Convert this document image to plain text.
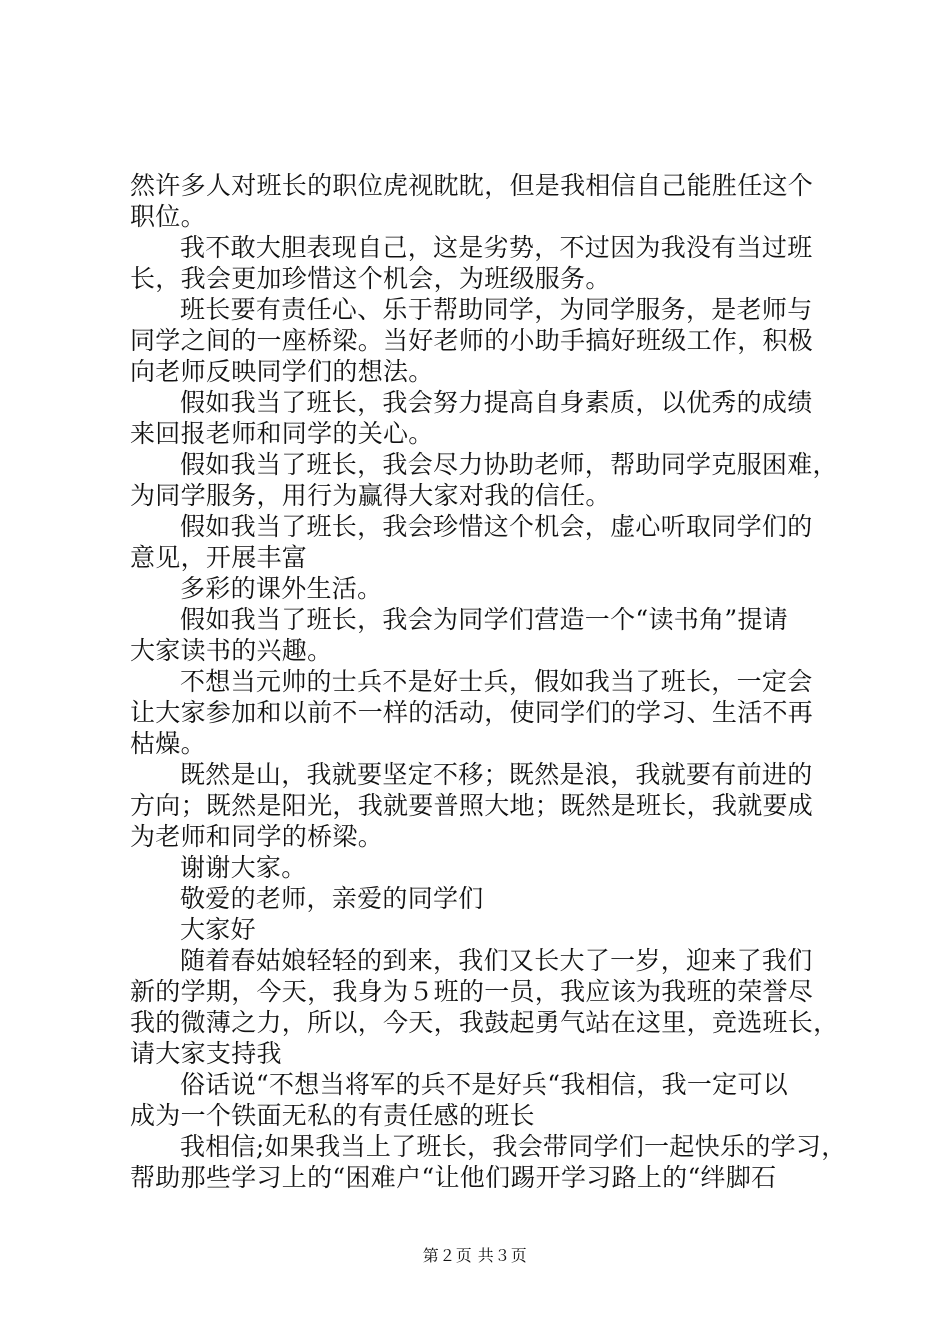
然许多人对班长的职位虎视眈眈，但是我相信自己能胜任这个
职位。
我不敢大胆表现自己，这是劣势，不过因为我没有当过班
长，我会更加珍惜这个机会，为班级服务。
班长要有责任心、乐于帮助同学，为同学服务，是老师与
同学之间的一座桥梁。当好老师的小助手搞好班级工作，积极
向老师反映同学们的想法。
假如我当了班长，我会努力提高自身素质，以优秀的成绩
来回报老师和同学的关心。
假如我当了班长，我会尽力协助老师，帮助同学克服困难，
为同学服务，用行为赢得大家对我的信任。
假如我当了班长，我会珍惜这个机会，虚心听取同学们的
意见，开展丰富
多彩的课外生活。
假如我当了班长，我会为同学们营造一个“读书角”提请
大家读书的兴趣。
不想当元帅的士兵不是好士兵，假如我当了班长，一定会
让大家参加和以前不一样的活动，使同学们的学习、生活不再
枯燥。
既然是山，我就要坚定不移；既然是浪，我就要有前进的
方向；既然是阳光，我就要普照大地；既然是班长，我就要成
为老师和同学的桥梁。
谢谢大家。
敬爱的老师，亲爱的同学们
大家好
随着春姑娘轻轻的到来，我们又长大了一岁，迎来了我们
新的学期，今天，我身为５班的一员，我应该为我班的荣誉尽
我的微薄之力，所以，今天，我鼓起勇气站在这里，竞选班长，
请大家支持我
俗话说“不想当将军的兵不是好兵“我相信，我一定可以
成为一个铁面无私的有责任感的班长
我相信;如果我当上了班长，我会带同学们一起快乐的学习，
帮助那些学习上的“困难户“让他们踢开学习路上的“绊脚石
第２页 共３页
